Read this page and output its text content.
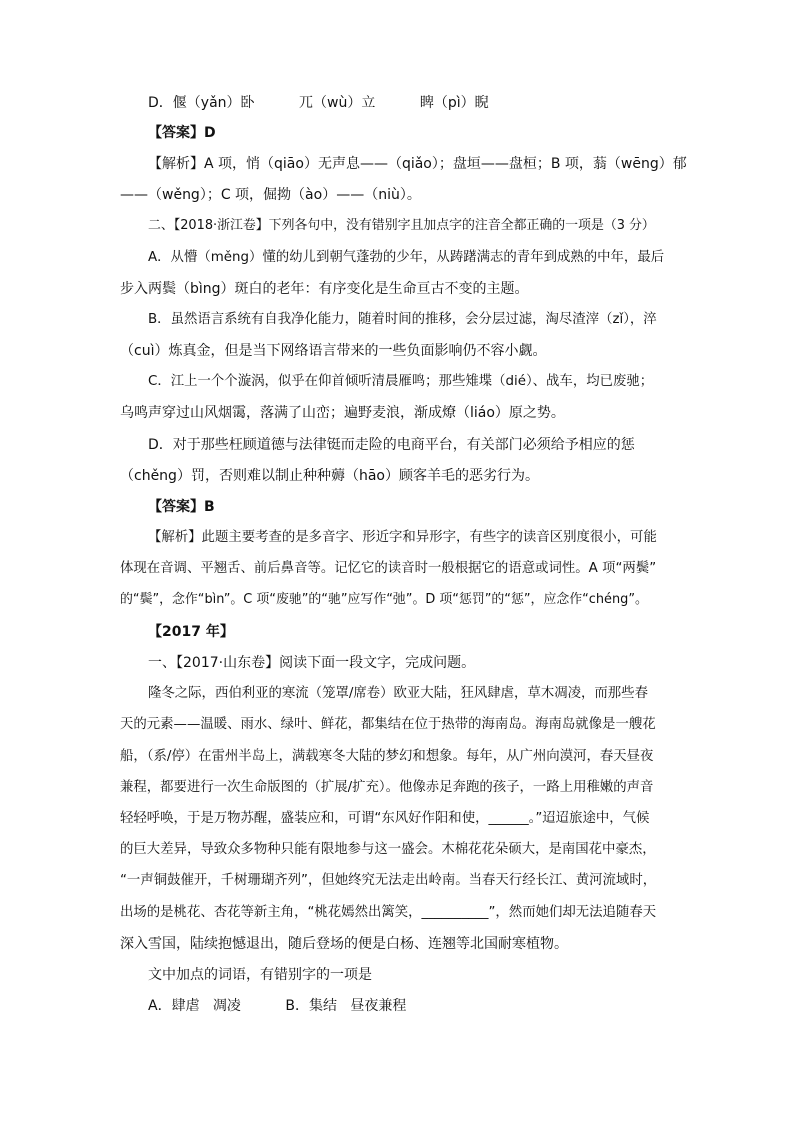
D．偃（yǎn）卧          兀（wù）立          睥（pì）睨
【答案】D
【解析】A 项，悄（qiāo）无声息——（qiǎo）；盘垣——盘桓；B 项，蓊（wēng）郁
——（wěng）；C 项，倔拗（ào）——（niù）。
二、【2018·浙江卷】下列各句中，没有错别字且加点字的注音全都正确的一项是（3 分）
A．从懵（měng）懂的幼儿到朝气蓬勃的少年，从踌躇满志的青年到成熟的中年，最后
步入两鬓（bìng）斑白的老年：有序变化是生命亘古不变的主题。
B．虽然语言系统有自我净化能力，随着时间的推移，会分层过滤，淘尽渣滓（zǐ），淬
（cuì）炼真金，但是当下网络语言带来的一些负面影响仍不容小觑。
C．江上一个个漩涡，似乎在仰首倾听清晨雁鸣；那些雉堞（dié）、战车，均已废驰；
乌鸣声穿过山风烟霭，落满了山峦；遍野麦浪，渐成燎（liáo）原之势。
D．对于那些枉顾道德与法律铤而走险的电商平台，有关部门必须给予相应的惩
（chěng）罚，否则难以制止种种薅（hāo）顾客羊毛的恶劣行为。
【答案】B
【解析】此题主要考查的是多音字、形近字和异形字，有些字的读音区别度很小，可能
体现在音调、平翘舌、前后鼻音等。记忆它的读音时一般根据它的语意或词性。A 项“两鬓”
的“鬓”，念作“bìn”。C 项“废驰”的“驰”应写作“弛”。D 项“惩罚”的“惩”，应念作“chéng”。
【2017 年】
一、【2017·山东卷】阅读下面一段文字，完成问题。
隆冬之际，西伯利亚的寒流（笼罩/席卷）欧亚大陆，狂风肆虐，草木凋凌，而那些春
天的元素——温暖、雨水、绿叶、鲜花，都集结在位于热带的海南岛。海南岛就像是一艘花
船，（系/停）在雷州半岛上，满载寒冬大陆的梦幻和想象。每年，从广州向漠河，春天昼夜
兼程，都要进行一次生命版图的（扩展/扩充）。他像赤足奔跑的孩子，一路上用稚嫩的声音
轻轻呼唤，于是万物苏醒，盛装应和，可谓“东风好作阳和使，______。”迢迢旅途中，气候
的巨大差异，导致众多物种只能有限地参与这一盛会。木棉花花朵硕大，是南国花中豪杰，
“一声铜鼓催开，千树珊瑚齐列”，但她终究无法走出岭南。当春天行经长江、黄河流域时，
出场的是桃花、杏花等新主角，“桃花嫣然出篱笑，__________”，然而她们却无法追随春天
深入雪国，陆续抱憾退出，随后登场的便是白杨、连翘等北国耐寒植物。
文中加点的词语，有错别字的一项是
A．肆虐   凋凌          B．集结   昼夜兼程
